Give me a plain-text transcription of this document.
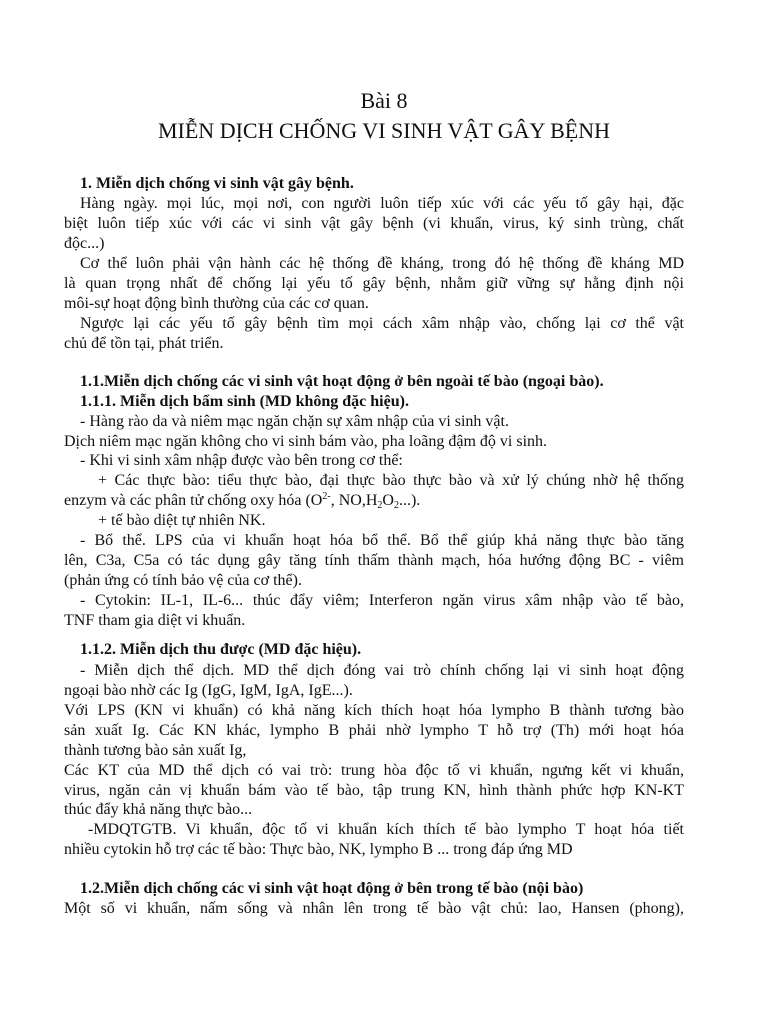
Bài 8
MIỄN DỊCH CHỐNG VI SINH VẬT GÂY BỆNH
1. Miễn dịch chống vi sinh vật gây bệnh.
Hàng ngày. mọi lúc, mọi nơi, con người luôn tiếp xúc với các yếu tố gây hại, đặc
biệt luôn tiếp xúc với các vi sinh vật gây bệnh (vi khuẩn, virus, ký sinh trùng, chất
độc...)
Cơ thể luôn phải vận hành các hệ thống đề kháng, trong đó hệ thống đề kháng MD
là quan trọng nhất để chống lại yếu tố gây bệnh, nhằm giữ vững sự hằng định nội
môi-sự hoạt động bình thường của các cơ quan.
Ngược lại các yếu tố gây bệnh tìm mọi cách xâm nhập vào, chống lại cơ thể vật
chủ để tồn tại, phát triển.
1.1.Miễn dịch chống các vi sinh vật hoạt động ở bên ngoài tế bào (ngoại bào).
1.1.1. Miễn dịch bẩm sinh (MD không đặc hiệu).
- Hàng rào da và niêm mạc ngăn chặn sự xâm nhập của vi sinh vật.
Dịch niêm mạc ngăn không cho vi sinh bám vào, pha loãng đậm độ vi sinh.
- Khi vi sinh xâm nhập được vào bên trong cơ thể:
+ Các thực bào: tiểu thực bào, đại thực bào thực bào và xử lý chúng nhờ hệ thống
enzym và các phân tử chống oxy hóa ($O^{2-}$, $NO,H_2O_2$...).
+ tế bào diệt tự nhiên NK.
- Bổ thể. LPS của vi khuẩn hoạt hóa bổ thể. Bổ thể giúp khả năng thực bào tăng
lên, C3a, C5a có tác dụng gây tăng tính thấm thành mạch, hóa hướng động BC - viêm
(phản ứng có tính bảo vệ của cơ thể).
- Cytokin: IL-1, IL-6... thúc đẩy viêm; Interferon ngăn virus xâm nhập vào tế bào,
TNF tham gia diệt vi khuẩn.
1.1.2. Miễn dịch thu được (MD đặc hiệu).
- Miễn dịch thể dịch. MD thể dịch đóng vai trò chính chống lại vi sinh hoạt động
ngoại bào nhờ các Ig (IgG, IgM, IgA, IgE...).
Với LPS (KN vi khuẩn) có khả năng kích thích hoạt hóa lympho B thành tương bào
sản xuất Ig. Các KN khác, lympho B phải nhờ lympho T hỗ trợ (Th) mới hoạt hóa
thành tương bào sản xuất Ig,
Các KT của MD thể dịch có vai trò: trung hòa độc tố vi khuẩn, ngưng kết vi khuẩn,
virus, ngăn cản vị khuẩn bám vào tế bào, tập trung KN, hình thành phức hợp KN-KT
thúc đẩy khả năng thực bào...
-MDQTGTB. Vi khuẩn, độc tố vi khuẩn kích thích tế bào lympho T hoạt hóa tiết
nhiều cytokin hỗ trợ các tế bào: Thực bào, NK, lympho B ... trong đáp ứng MD
1.2.Miễn dịch chống các vi sinh vật hoạt động ở bên trong tế bào (nội bào)
Một số vi khuẩn, nấm sống và nhân lên trong tế bào vật chủ: lao, Hansen (phong),
